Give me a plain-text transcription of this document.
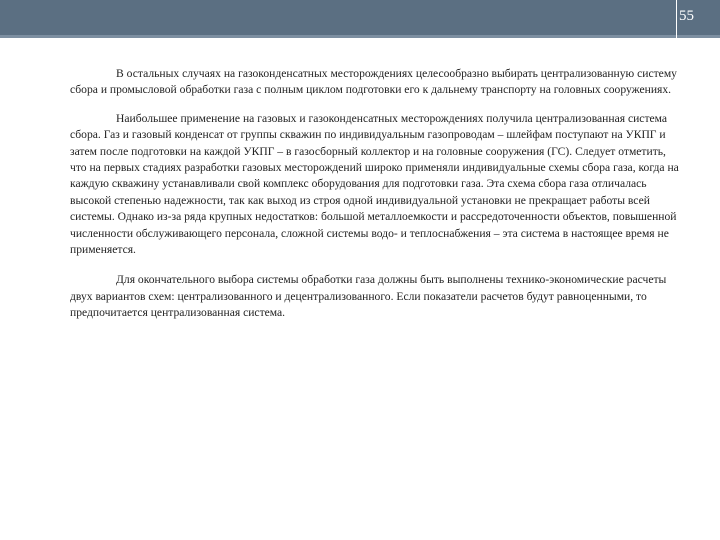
55

В остальных случаях на газоконденсатных месторождениях целесообразно выбирать централизованную систему сбора и промысловой обработки газа с полным циклом подготовки его к дальнему транспорту на головных сооружениях.

Наибольшее применение на газовых и газоконденсатных месторождениях получила централизованная система сбора. Газ и газовый конденсат от группы скважин по индивидуальным газопроводам – шлейфам поступают на УКПГ и затем после подготовки на каждой УКПГ – в газосборный коллектор и на головные сооружения (ГС). Следует отметить, что на первых стадиях разработки газовых месторождений широко применяли индивидуальные схемы сбора газа, когда на каждую скважину устанавливали свой комплекс оборудования для подготовки газа. Эта схема сбора газа отличалась высокой степенью надежности, так как выход из строя одной индивидуальной установки не прекращает работы всей системы. Однако из-за ряда крупных недостатков: большой металлоемкости и рассредоточенности объектов, повышенной численности обслуживающего персонала, сложной системы водо- и теплоснабжения – эта система в настоящее время не применяется.

Для окончательного выбора системы обработки газа должны быть выполнены технико-экономические расчеты двух вариантов схем: централизованного и децентрализованного. Если показатели расчетов будут равноценными, то предпочитается централизованная система.
